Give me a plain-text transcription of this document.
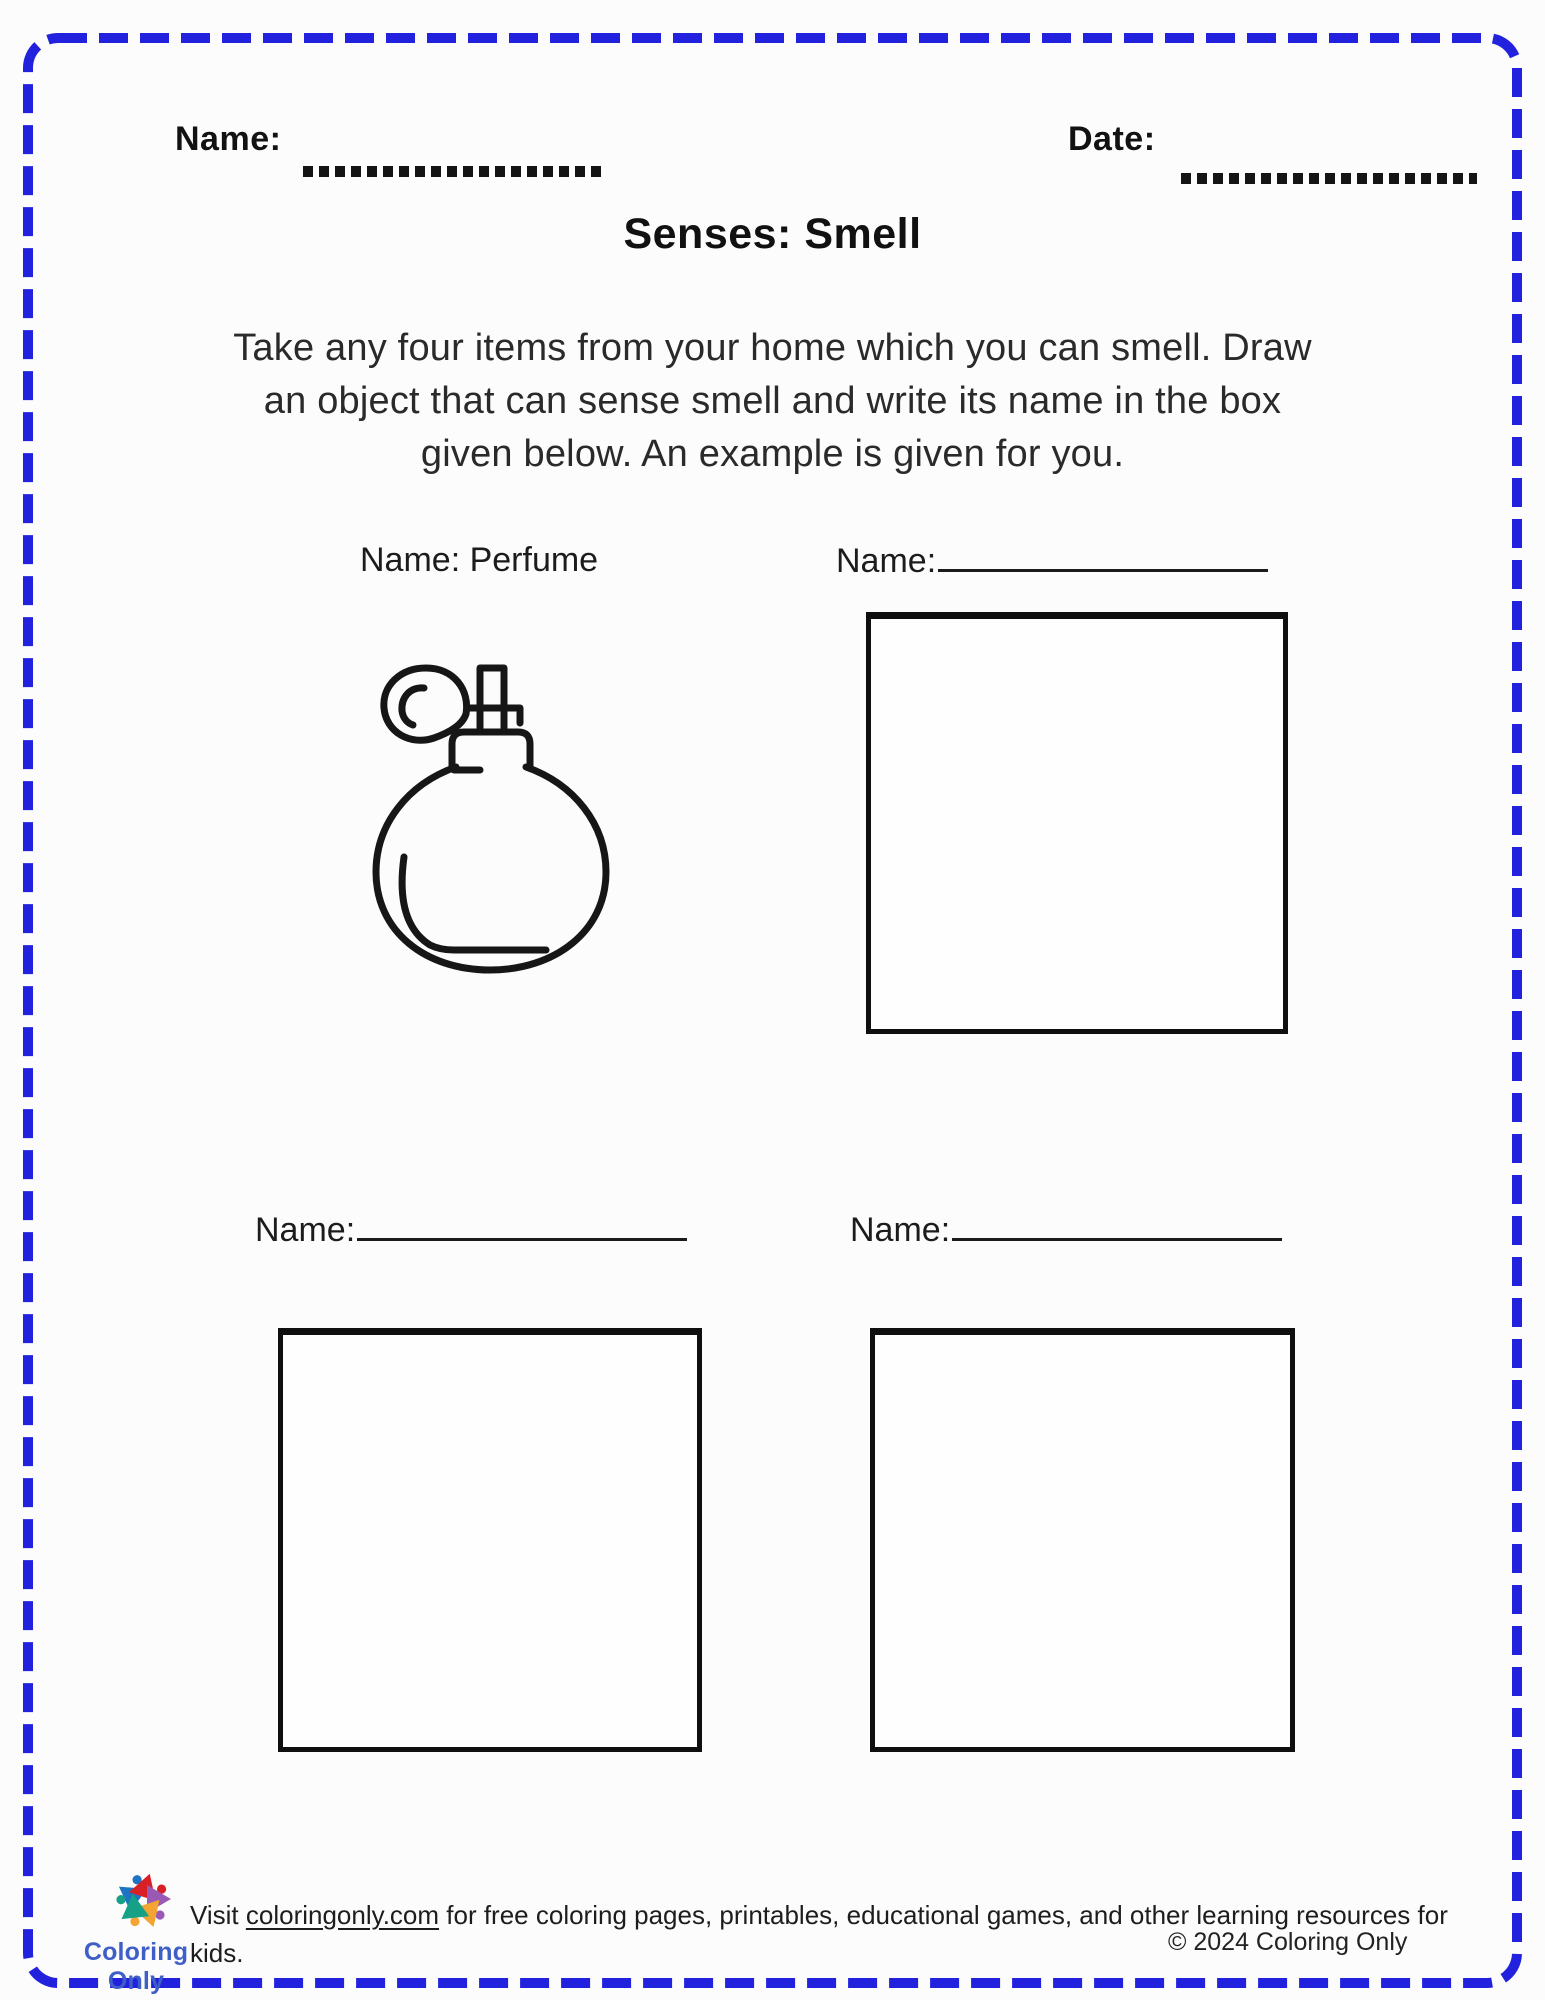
Name:	Date:
Senses: Smell
Take any four items from your home which you can smell. Draw
an object that can sense smell and write its name in the box
given below. An example is given for you.
Name: Perfume	Name:
Name:	Name:
Coloring Only
Visit coloringonly.com for free coloring pages, printables, educational games, and other learning resources for
kids.	© 2024 Coloring Only
